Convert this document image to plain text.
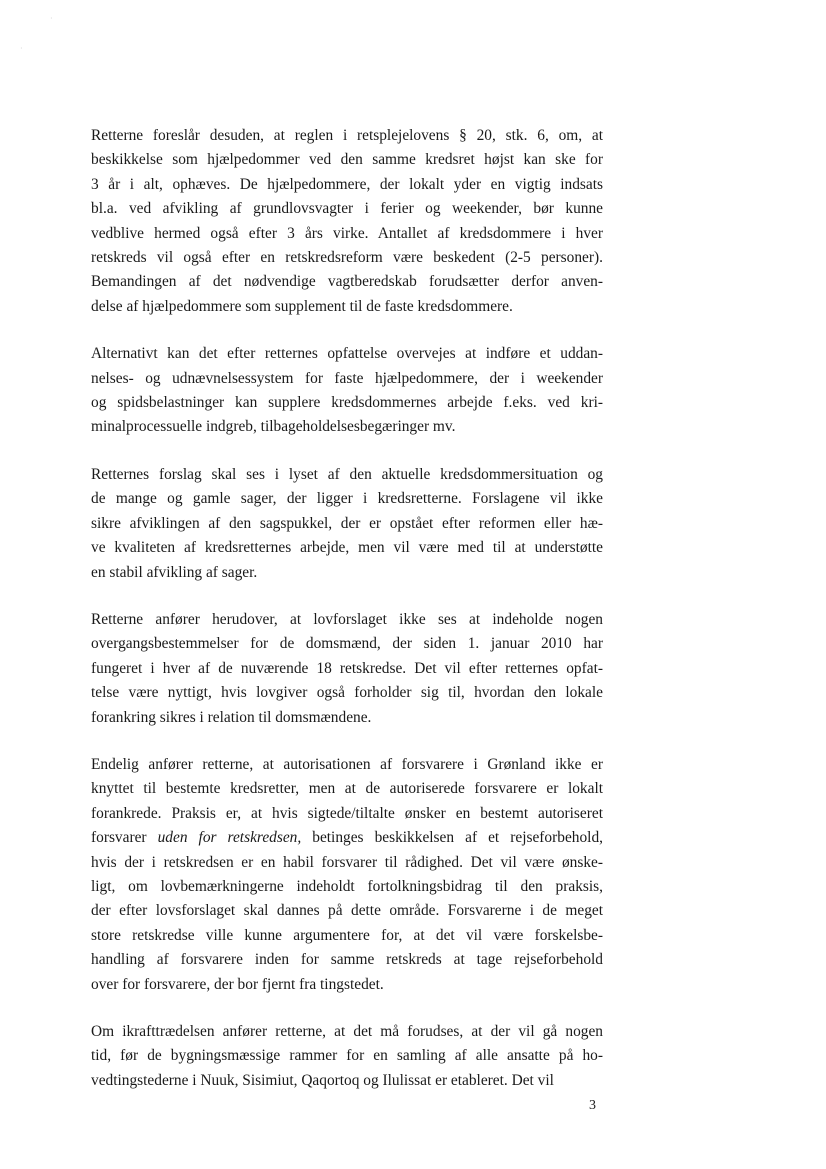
·
·

Retterne foreslår desuden, at reglen i retsplejelovens § 20, stk. 6, om, at
beskikkelse som hjælpedommer ved den samme kredsret højst kan ske for
3 år i alt, ophæves. De hjælpedommere, der lokalt yder en vigtig indsats
bl.a. ved afvikling af grundlovsvagter i ferier og weekender, bør kunne
vedblive hermed også efter 3 års virke. Antallet af kredsdommere i hver
retskreds vil også efter en retskredsreform være beskedent (2-5 personer).
Bemandingen af det nødvendige vagtberedskab forudsætter derfor anven-
delse af hjælpedommere som supplement til de faste kredsdommere.

Alternativt kan det efter retternes opfattelse overvejes at indføre et uddan-
nelses- og udnævnelsessystem for faste hjælpedommere, der i weekender
og spidsbelastninger kan supplere kredsdommernes arbejde f.eks. ved kri-
minalprocessuelle indgreb, tilbageholdelsesbegæringer mv.

Retternes forslag skal ses i lyset af den aktuelle kredsdommersituation og
de mange og gamle sager, der ligger i kredsretterne. Forslagene vil ikke
sikre afviklingen af den sagspukkel, der er opstået efter reformen eller hæ-
ve kvaliteten af kredsretternes arbejde, men vil være med til at understøtte
en stabil afvikling af sager.

Retterne anfører herudover, at lovforslaget ikke ses at indeholde nogen
overgangsbestemmelser for de domsmænd, der siden 1. januar 2010 har
fungeret i hver af de nuværende 18 retskredse. Det vil efter retternes opfat-
telse være nyttigt, hvis lovgiver også forholder sig til, hvordan den lokale
forankring sikres i relation til domsmændene.

Endelig anfører retterne, at autorisationen af forsvarere i Grønland ikke er
knyttet til bestemte kredsretter, men at de autoriserede forsvarere er lokalt
forankrede. Praksis er, at hvis sigtede/tiltalte ønsker en bestemt autoriseret
forsvarer uden for retskredsen, betinges beskikkelsen af et rejseforbehold,
hvis der i retskredsen er en habil forsvarer til rådighed. Det vil være ønske-
ligt, om lovbemærkningerne indeholdt fortolkningsbidrag til den praksis,
der efter lovsforslaget skal dannes på dette område. Forsvarerne i de meget
store retskredse ville kunne argumentere for, at det vil være forskelsbe-
handling af forsvarere inden for samme retskreds at tage rejseforbehold
over for forsvarere, der bor fjernt fra tingstedet.

Om ikrafttrædelsen anfører retterne, at det må forudses, at der vil gå nogen
tid, før de bygningsmæssige rammer for en samling af alle ansatte på ho-
vedtingstederne i Nuuk, Sisimiut, Qaqortoq og Ilulissat er etableret. Det vil

3
